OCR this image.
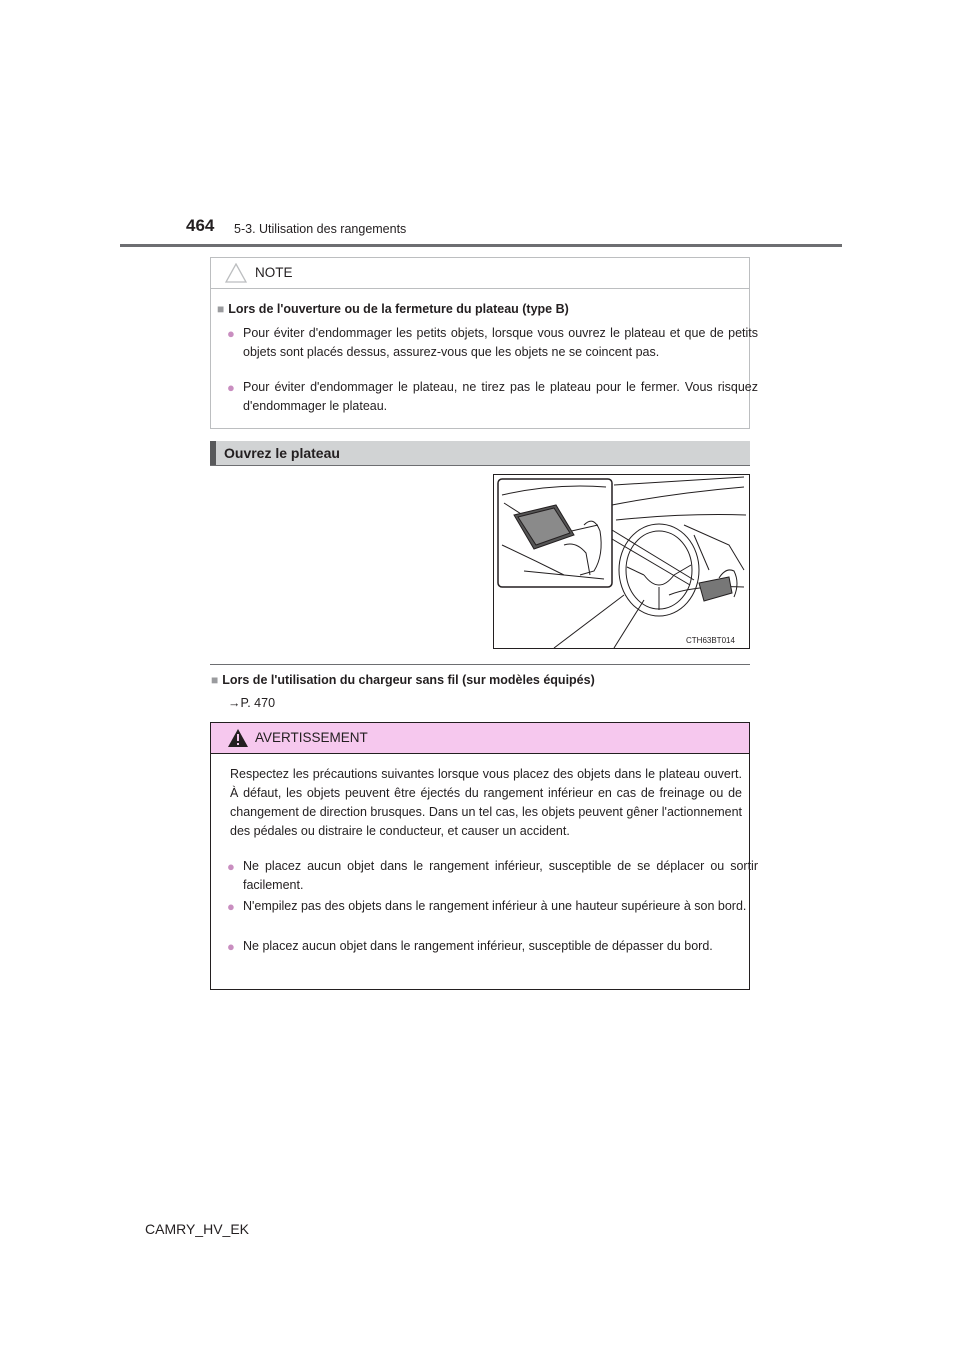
464 5-3. Utilisation des rangements
NOTE
■ Lors de l'ouverture ou de la fermeture du plateau (type B)
● Pour éviter d'endommager les petits objets, lorsque vous ouvrez le plateau et que de petits objets sont placés dessus, assurez-vous que les objets ne se coincent pas.
● Pour éviter d'endommager le plateau, ne tirez pas le plateau pour le fermer. Vous risquez d'endommager le plateau.
Ouvrez le plateau
CTH63BT014
■ Lors de l'utilisation du chargeur sans fil (sur modèles équipés)
→P. 470
AVERTISSEMENT
Respectez les précautions suivantes lorsque vous placez des objets dans le plateau ouvert. À défaut, les objets peuvent être éjectés du rangement inférieur en cas de freinage ou de changement de direction brusques. Dans un tel cas, les objets peuvent gêner l'actionnement des pédales ou distraire le conducteur, et causer un accident.
● Ne placez aucun objet dans le rangement inférieur, susceptible de se déplacer ou sortir facilement.
● N'empilez pas des objets dans le rangement inférieur à une hauteur supérieure à son bord.
● Ne placez aucun objet dans le rangement inférieur, susceptible de dépasser du bord.
CAMRY_HV_EK
